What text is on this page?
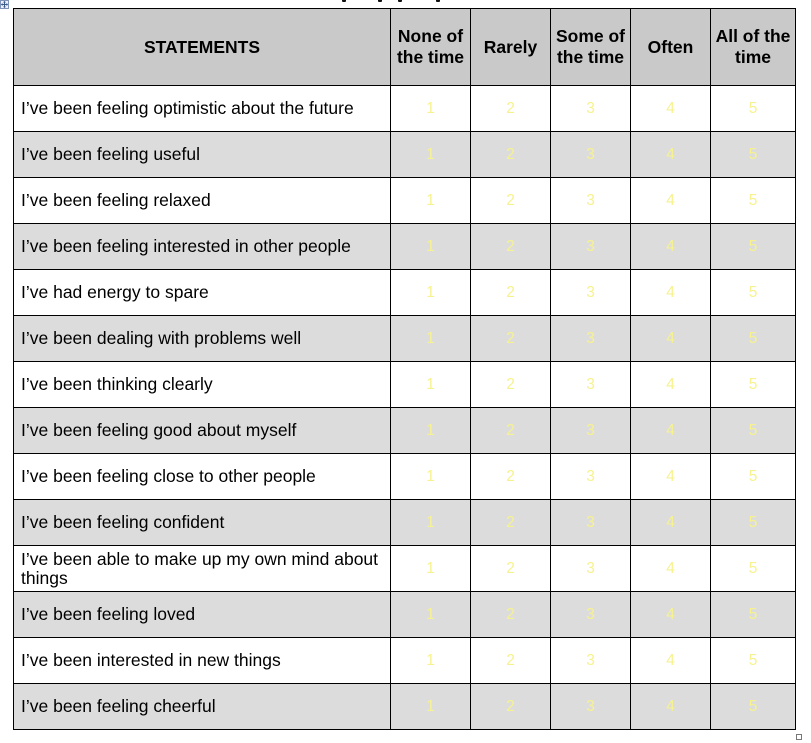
STATEMENTS	None of the time	Rarely	Some of the time	Often	All of the time
I’ve been feeling optimistic about the future	1	2	3	4	5
I’ve been feeling useful	1	2	3	4	5
I’ve been feeling relaxed	1	2	3	4	5
I’ve been feeling interested in other people	1	2	3	4	5
I’ve had energy to spare	1	2	3	4	5
I’ve been dealing with problems well	1	2	3	4	5
I’ve been thinking clearly	1	2	3	4	5
I’ve been feeling good about myself	1	2	3	4	5
I’ve been feeling close to other people	1	2	3	4	5
I’ve been feeling confident	1	2	3	4	5
I’ve been able to make up my own mind about things	1	2	3	4	5
I’ve been feeling loved	1	2	3	4	5
I’ve been interested in new things	1	2	3	4	5
I’ve been feeling cheerful	1	2	3	4	5
